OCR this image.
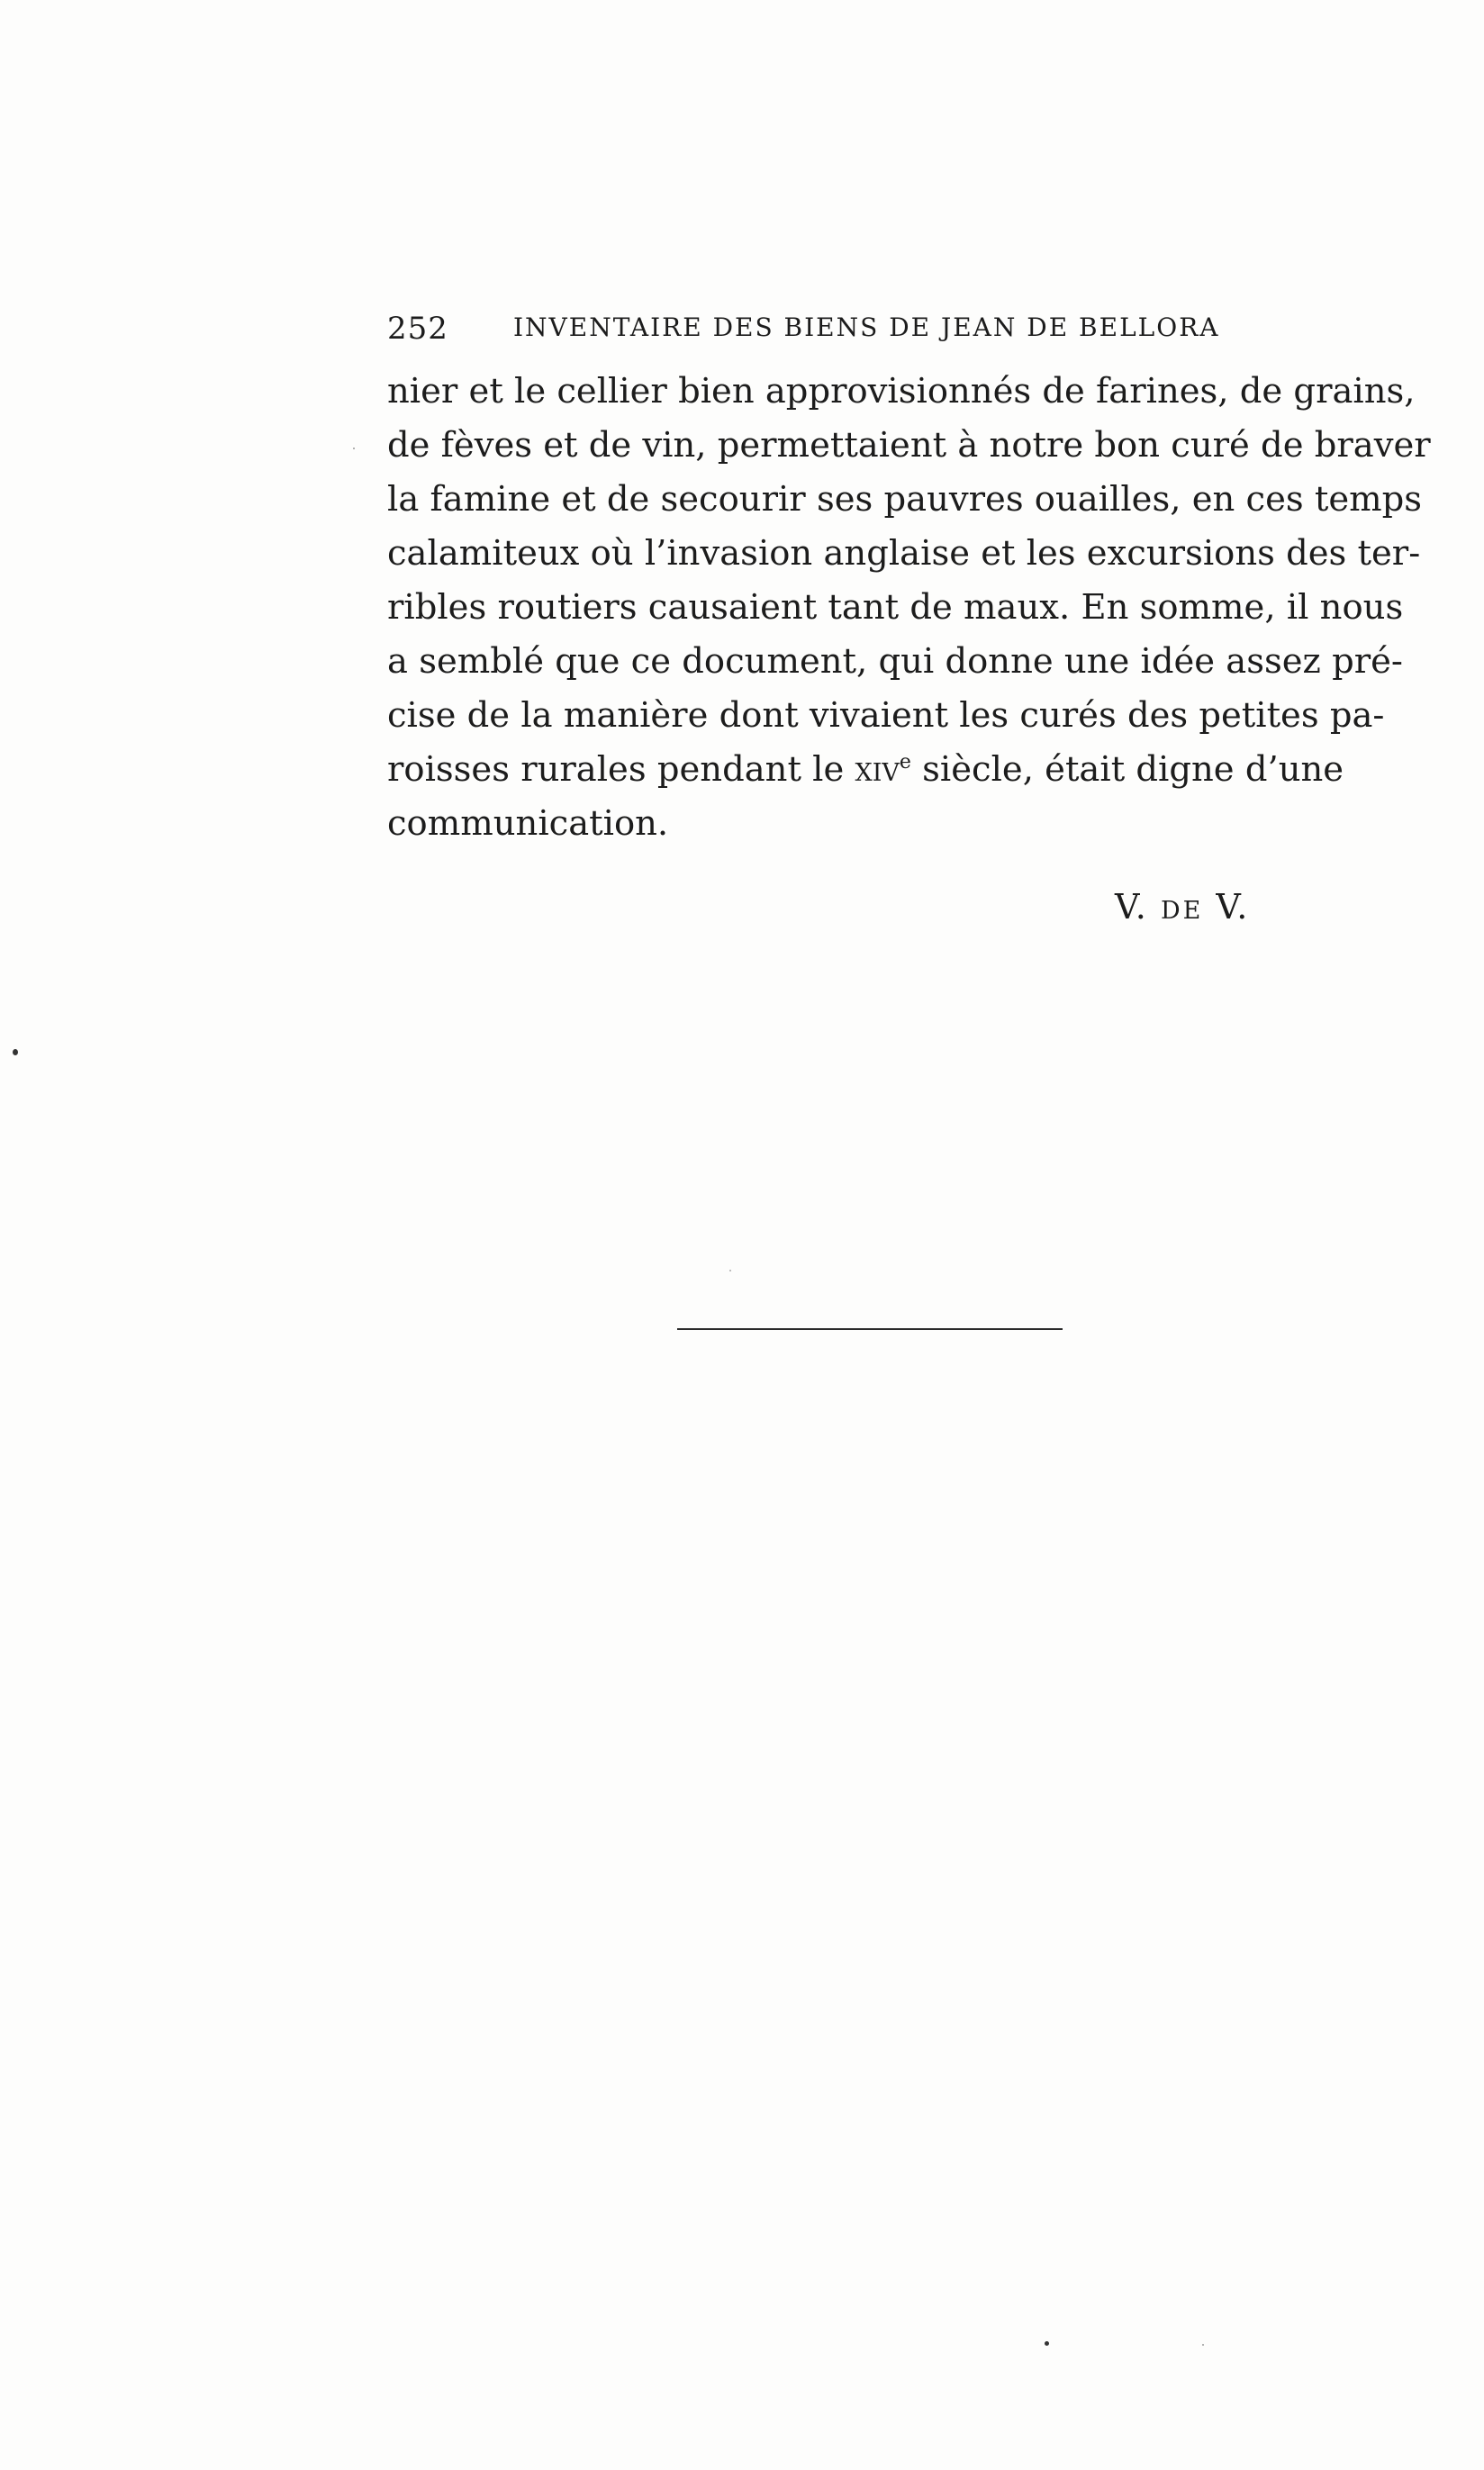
252	INVENTAIRE DES BIENS DE JEAN DE BELLORA
nier et le cellier bien approvisionnés de farines, de grains,
de fèves et de vin, permettaient à notre bon curé de braver
la famine et de secourir ses pauvres ouailles, en ces temps
calamiteux où l’invasion anglaise et les excursions des ter-
ribles routiers causaient tant de maux. En somme, il nous
a semblé que ce document, qui donne une idée assez pré-
cise de la manière dont vivaient les curés des petites pa-
roisses rurales pendant le xiv$^e$ siècle, était digne d’une
communication.
V. DE V.
